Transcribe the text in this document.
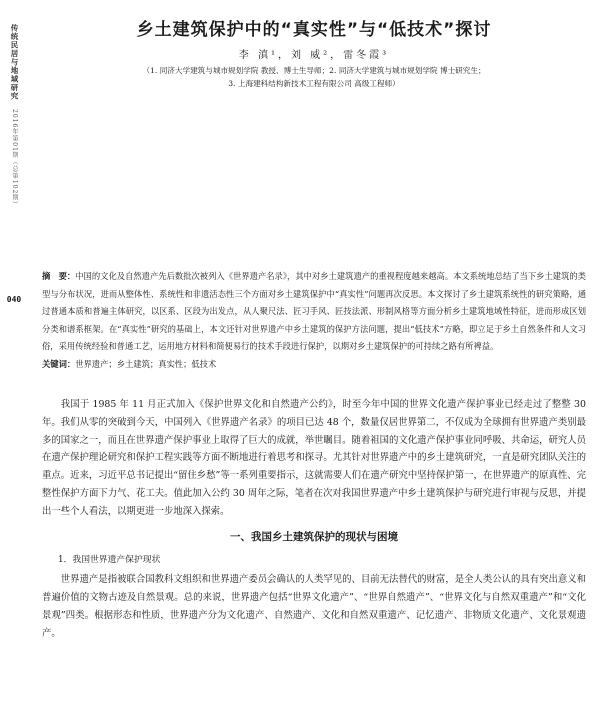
传统民居与地域研究
2016年第01期（总第102期）
040
乡土建筑保护中的“真实性”与“低技术”探讨
李 滇¹，刘 威²，雷冬霞³
（1. 同济大学建筑与城市规划学院 教授、博士生导师；2. 同济大学建筑与城市规划学院 博士研究生；
3. 上海建科结构新技术工程有限公司 高级工程师）
摘　要：中国的文化及自然遗产先后数批次被列入《世界遗产名录》，其中对乡土建筑遗产的重视程度越来越高。本文系统地总结了当下乡土建筑的类型与分布状况，进而从整体性、系统性和非遗活态性三个方面对乡土建筑保护中“真实性”问题再次反思。本文探讨了乡土建筑系统性的研究策略，通过普通本质和普遍主体研究，以区系、区段为出发点，从人聚尺法、匠习手风、匠技法派、形制风格等方面分析乡土建筑地域性特征，进而形成区划分类和谱系框架。在“真实性”研究的基础上，本文还针对世界遗产中乡土建筑的保护方法问题，提出“低技术”方略，即立足于乡土自然条件和人文习俗，采用传统经验和普通工艺，运用地方材料和简便易行的技术手段进行保护，以期对乡土建筑保护的可持续之路有所裨益。
关键词：世界遗产；乡土建筑；真实性；低技术

我国于 1985 年 11 月正式加入《保护世界文化和自然遗产公约》，时至今年中国的世界文化遗产保护事业已经走过了整整 30 年。我们从零的突破到今天，中国列入《世界遗产名录》的项目已达 48 个，数量仅居世界第二，不仅成为全球拥有世界遗产类别最多的国家之一，而且在世界遗产保护事业上取得了巨大的成就，举世瞩目。随着祖国的文化遗产保护事业同呼吸、共命运，研究人员在遗产保护理论研究和保护工程实践等方面不断地进行着思考和探寻。尤其针对世界遗产中的乡土建筑研究，一直是研究团队关注的重点。近来，习近平总书记提出“留住乡愁”等一系列重要指示，这就需要人们在遗产研究中坚持保护第一，在世界遗产的原真性、完整性保护方面下力气、花工夫。值此加入公约 30 周年之际，笔者在次对我国世界遗产中乡土建筑保护与研究进行审视与反思，并提出一些个人看法，以期更进一步地深入探索。

一、我国乡土建筑保护的现状与困境
1．我国世界遗产保护现状

世界遗产是指被联合国教科文组织和世界遗产委员会确认的人类罕见的、目前无法替代的财富，是全人类公认的具有突出意义和普遍价值的文物古迹及自然景观。总的来说，世界遗产包括“世界文化遗产”、“世界自然遗产”、“世界文化与自然双重遗产”和“文化景观”四类。根据形态和性质，世界遗产分为文化遗产、自然遗产、文化和自然双重遗产、记忆遗产、非物质文化遗产、文化景观遗产。
